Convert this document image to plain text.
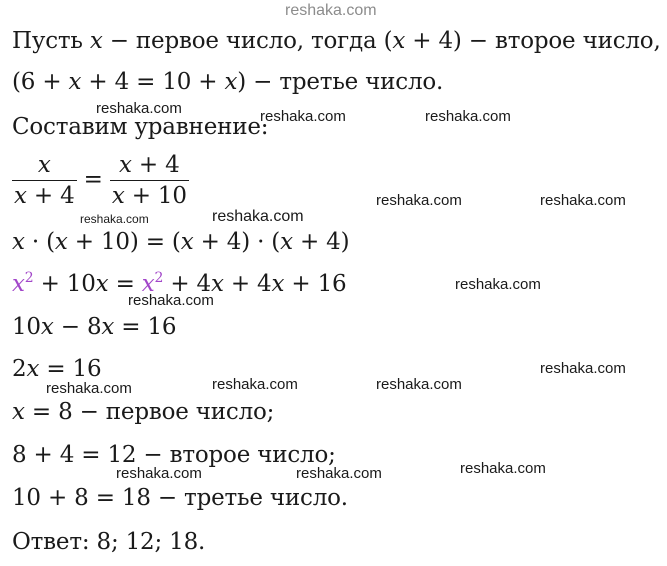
reshaka.com
Пусть x − первое число, тогда (x + 4) − второе число,
(6 + x + 4 = 10 + x) − третье число.
Составим уравнение:
$\frac{x}{x + 4} = \frac{x + 4}{x + 10}$
x · (x + 10) = (x + 4) · (x + 4)
$x^2 + 10x = x^2 + 4x + 4x + 16$
10x − 8x = 16
2x = 16
x = 8 − первое число;
8 + 4 = 12 − второе число;
10 + 8 = 18 − третье число.
Ответ: 8; 12; 18.
reshaka.com	reshaka.com	reshaka.com
reshaka.com	reshaka.com
reshaka.com
reshaka.com
reshaka.com
reshaka.com
reshaka.com
reshaka.com	reshaka.com	reshaka.com
reshaka.com
reshaka.com	reshaka.com
